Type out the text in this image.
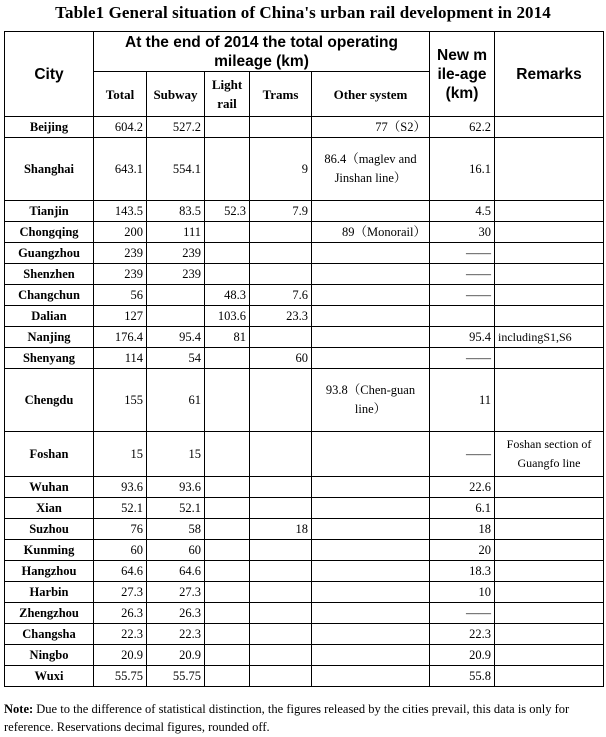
Table1 General situation of China's urban rail development in 2014
City	At the end of 2014 the total operating mileage (km)					New m ile-age (km)	Remarks
	Total	Subway	Light rail	Trams	Other system		
Beijing	604.2	527.2			77（S2）	62.2	
Shanghai	643.1	554.1		9	86.4（maglev and Jinshan line）	16.1	
Tianjin	143.5	83.5	52.3	7.9		4.5	
Chongqing	200	111			89（Monorail）	30	
Guangzhou	239	239				——	
Shenzhen	239	239				——	
Changchun	56		48.3	7.6		——	
Dalian	127		103.6	23.3			
Nanjing	176.4	95.4	81			95.4	includingS1,S6
Shenyang	114	54		60		——	
Chengdu	155	61			93.8（Chen-guan line）	11	
Foshan	15	15				——	Foshan section of Guangfo line
Wuhan	93.6	93.6				22.6	
Xian	52.1	52.1				6.1	
Suzhou	76	58		18		18	
Kunming	60	60				20	
Hangzhou	64.6	64.6				18.3	
Harbin	27.3	27.3				10	
Zhengzhou	26.3	26.3				——	
Changsha	22.3	22.3				22.3	
Ningbo	20.9	20.9				20.9	
Wuxi	55.75	55.75				55.8	
Note: Due to the difference of statistical distinction, the figures released by the cities prevail, this data is only for reference. Reservations decimal figures, rounded off.
